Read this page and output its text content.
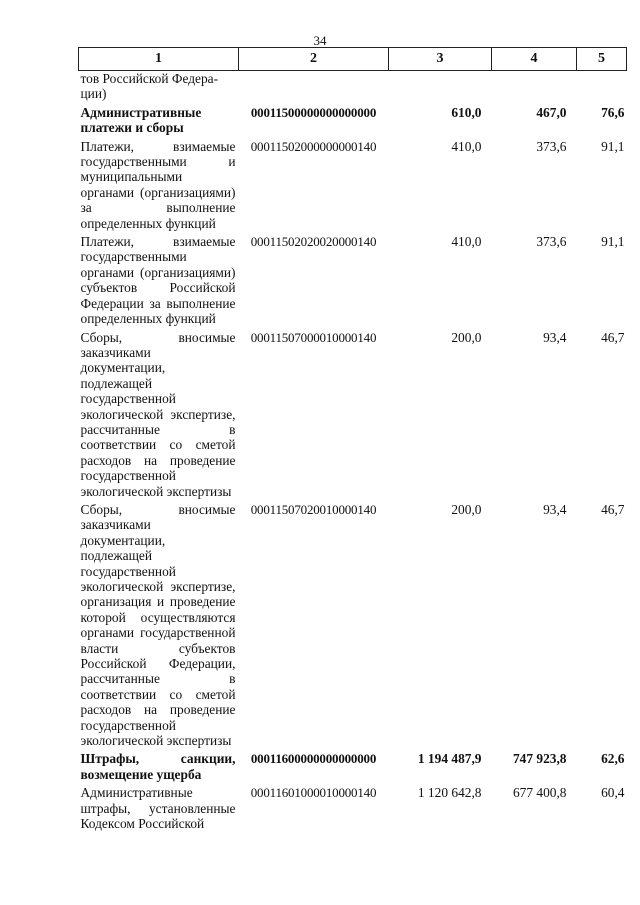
34
1	2	3	4	5
тов Российской Федера-
ции)				
Административные платежи и сборы	00011500000000000000	610,0	467,0	76,6
Платежи, взимаемые государственными и муниципальными органами (организациями) за выполнение определенных функций	00011502000000000140	410,0	373,6	91,1
Платежи, взимаемые государственными органами (организациями) субъектов Российской Федерации за выполнение определенных функций	00011502020020000140	410,0	373,6	91,1
Сборы, вносимые заказчиками документации, подлежащей государственной экологической экспертизе, рассчитанные в соответствии со сметой расходов на проведение государственной экологической экспертизы	00011507000010000140	200,0	93,4	46,7
Сборы, вносимые заказчиками документации, подлежащей государственной экологической экспертизе, организация и проведение которой осуществляются органами государственной власти субъектов Российской Федерации, рассчитанные в соответствии со сметой расходов на проведение государственной экологической экспертизы	00011507020010000140	200,0	93,4	46,7
Штрафы, санкции, возмещение ущерба	00011600000000000000	1 194 487,9	747 923,8	62,6
Административные штрафы, установленные Кодексом Российской	00011601000010000140	1 120 642,8	677 400,8	60,4
